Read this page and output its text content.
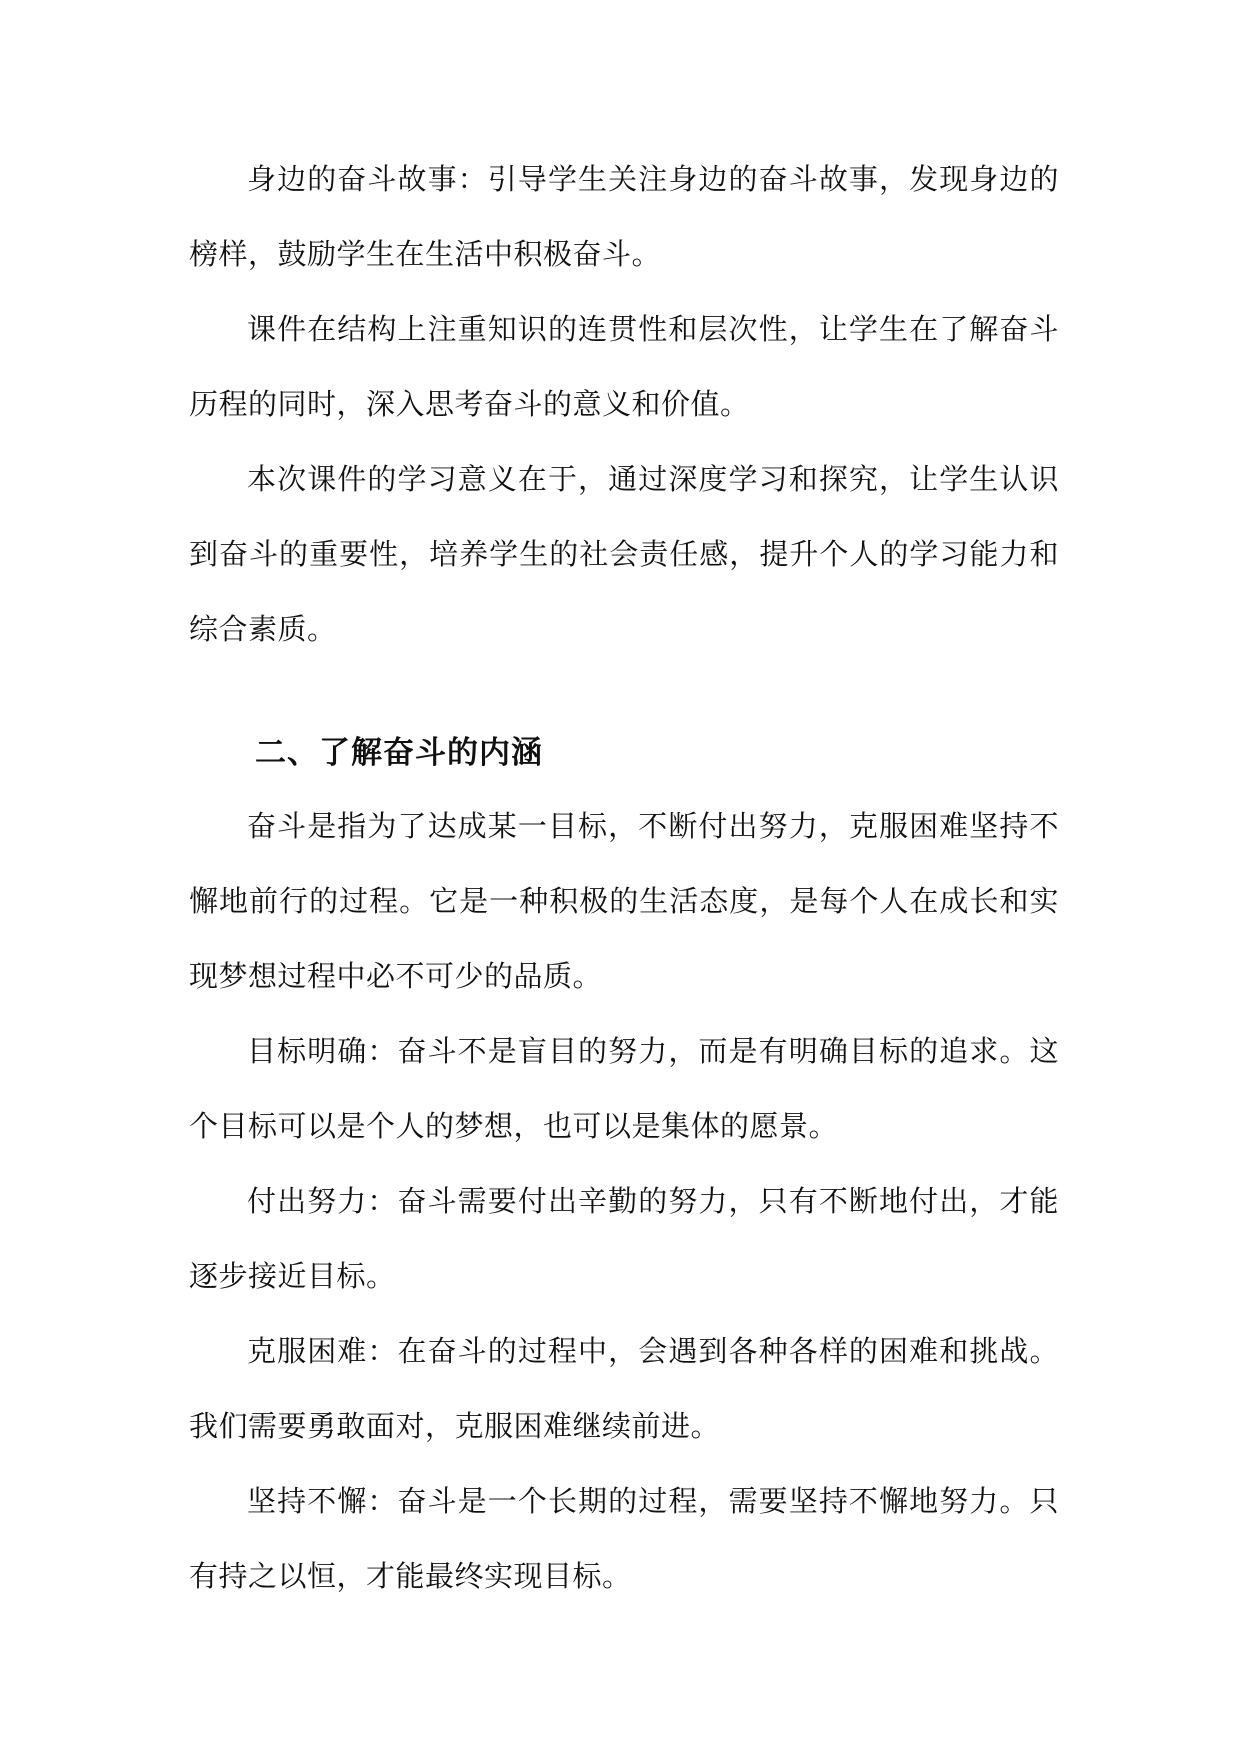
身边的奋斗故事：引导学生关注身边的奋斗故事，发现身边的榜样，鼓励学生在生活中积极奋斗。

课件在结构上注重知识的连贯性和层次性，让学生在了解奋斗历程的同时，深入思考奋斗的意义和价值。

本次课件的学习意义在于，通过深度学习和探究，让学生认识到奋斗的重要性，培养学生的社会责任感，提升个人的学习能力和综合素质。

二、了解奋斗的内涵

奋斗是指为了达成某一目标，不断付出努力，克服困难坚持不懈地前行的过程。它是一种积极的生活态度，是每个人在成长和实现梦想过程中必不可少的品质。

目标明确：奋斗不是盲目的努力，而是有明确目标的追求。这个目标可以是个人的梦想，也可以是集体的愿景。

付出努力：奋斗需要付出辛勤的努力，只有不断地付出，才能逐步接近目标。

克服困难：在奋斗的过程中，会遇到各种各样的困难和挑战。我们需要勇敢面对，克服困难继续前进。

坚持不懈：奋斗是一个长期的过程，需要坚持不懈地努力。只有持之以恒，才能最终实现目标。
